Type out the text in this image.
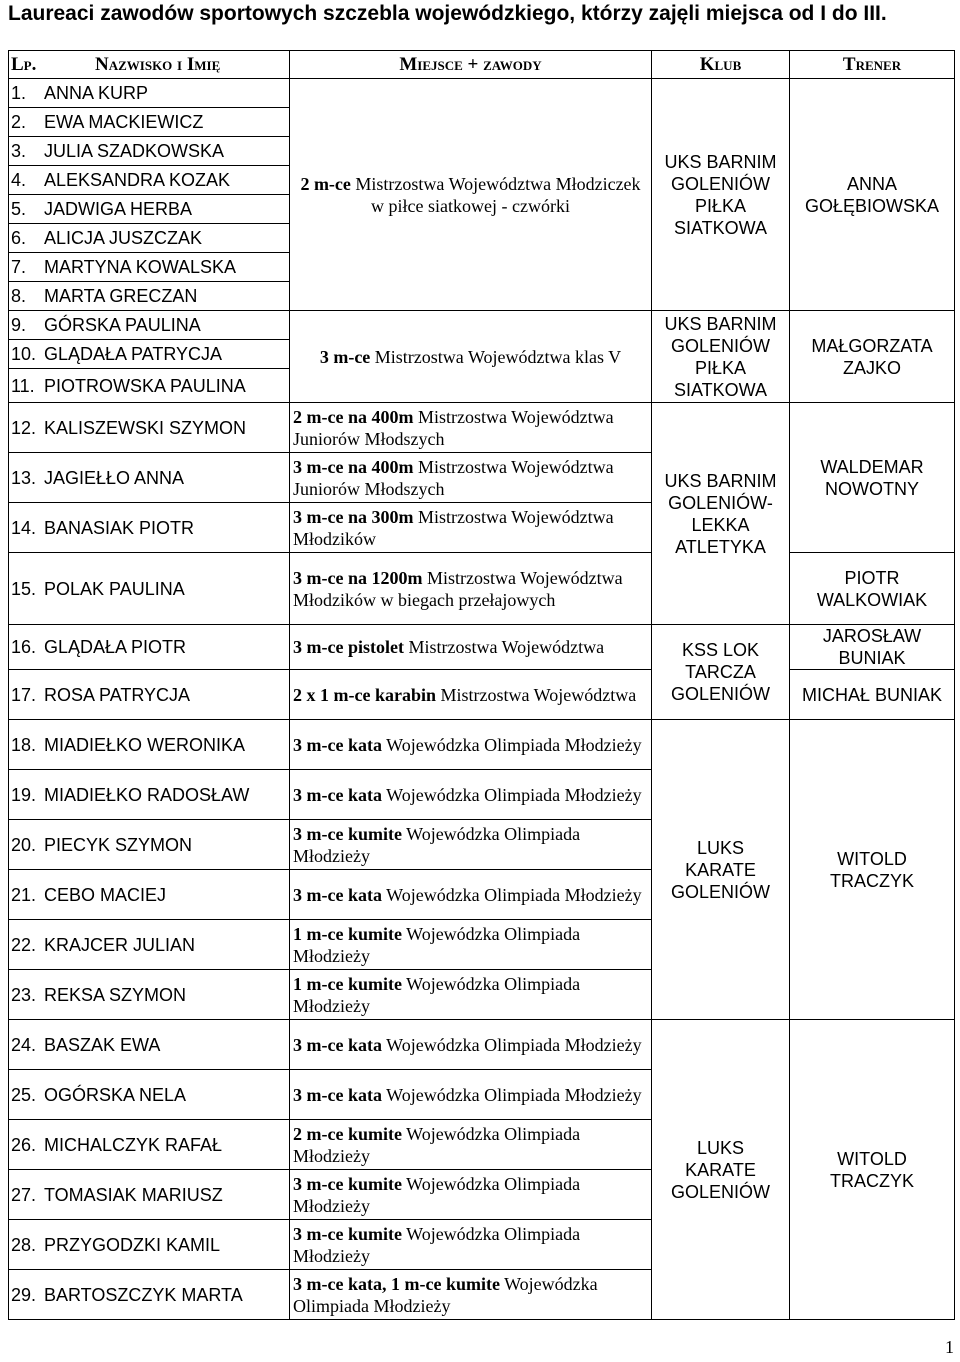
Laureaci zawodów sportowych szczebla wojewódzkiego, którzy zajęli miejsca od I do III.
Lp. Nazwisko i Imię	Miejsce + zawody	Klub	Trener
1. ANNA KURP	2 m-ce Mistrzostwa Województwa Młodziczek w piłce siatkowej - czwórki	UKS BARNIM GOLENIÓW PIŁKA SIATKOWA	ANNA GOŁĘBIOWSKA
2. EWA MACKIEWICZ			
3. JULIA SZADKOWSKA			
4. ALEKSANDRA KOZAK			
5. JADWIGA HERBA			
6. ALICJA JUSZCZAK			
7. MARTYNA KOWALSKA			
8. MARTA GRECZAN			
9. GÓRSKA PAULINA	3 m-ce Mistrzostwa Województwa klas V	UKS BARNIM GOLENIÓW PIŁKA SIATKOWA	MAŁGORZATA ZAJKO
10. GLĄDAŁA PATRYCJA			
11. PIOTROWSKA PAULINA			
12. KALISZEWSKI SZYMON	2 m-ce na 400m Mistrzostwa Województwa Juniorów Młodszych	UKS BARNIM GOLENIÓW- LEKKA ATLETYKA	WALDEMAR NOWOTNY
13. JAGIEŁŁO ANNA	3 m-ce na 400m Mistrzostwa Województwa Juniorów Młodszych		
14. BANASIAK PIOTR	3 m-ce na 300m Mistrzostwa Województwa Młodzików		
15. POLAK PAULINA	3 m-ce na 1200m Mistrzostwa Województwa Młodzików w biegach przełajowych		PIOTR WALKOWIAK
16. GLĄDAŁA PIOTR	3 m-ce pistolet Mistrzostwa Województwa	KSS LOK TARCZA GOLENIÓW	JAROSŁAW BUNIAK
17. ROSA PATRYCJA	2 x 1 m-ce karabin Mistrzostwa Województwa		MICHAŁ BUNIAK
18. MIADIEŁKO WERONIKA	3 m-ce kata Wojewódzka Olimpiada Młodzieży	LUKS KARATE GOLENIÓW	WITOLD TRACZYK
19. MIADIEŁKO RADOSŁAW	3 m-ce kata Wojewódzka Olimpiada Młodzieży		
20. PIECYK SZYMON	3 m-ce kumite Wojewódzka Olimpiada Młodzieży		
21. CEBO MACIEJ	3 m-ce kata Wojewódzka Olimpiada Młodzieży		
22. KRAJCER JULIAN	1 m-ce kumite Wojewódzka Olimpiada Młodzieży		
23. REKSA SZYMON	1 m-ce kumite Wojewódzka Olimpiada Młodzieży		
24. BASZAK EWA	3 m-ce kata Wojewódzka Olimpiada Młodzieży	LUKS KARATE GOLENIÓW	WITOLD TRACZYK
25. OGÓRSKA NELA	3 m-ce kata Wojewódzka Olimpiada Młodzieży		
26. MICHALCZYK RAFAŁ	2 m-ce kumite Wojewódzka Olimpiada Młodzieży		
27. TOMASIAK MARIUSZ	3 m-ce kumite Wojewódzka Olimpiada Młodzieży		
28. PRZYGODZKI KAMIL	3 m-ce kumite Wojewódzka Olimpiada Młodzieży		
29. BARTOSZCZYK MARTA	3 m-ce kata, 1 m-ce kumite Wojewódzka Olimpiada Młodzieży		
1
